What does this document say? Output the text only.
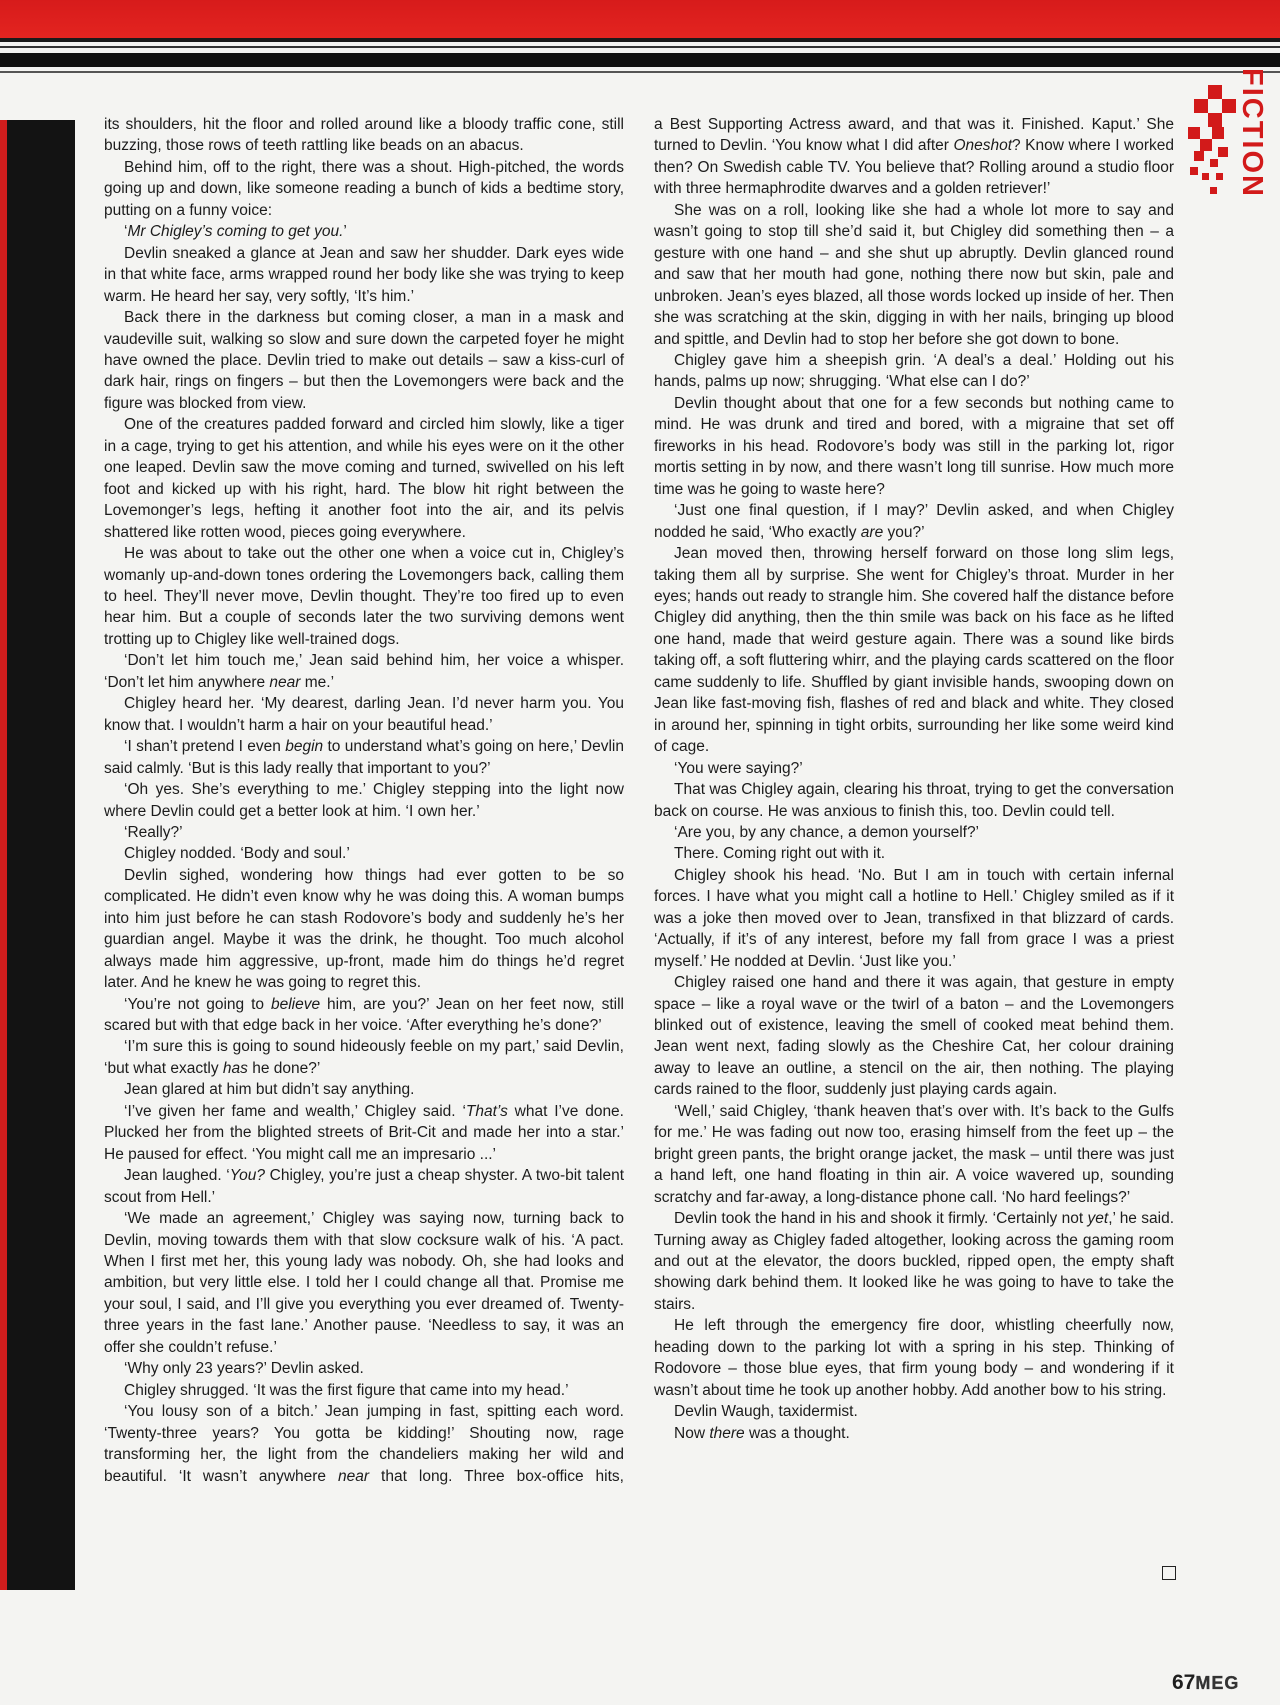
FICTION

its shoulders, hit the floor and rolled around like a bloody traffic cone, still buzzing, those rows of teeth rattling like beads on an abacus.

Behind him, off to the right, there was a shout. High-pitched, the words going up and down, like someone reading a bunch of kids a bedtime story, putting on a funny voice:

‘Mr Chigley’s coming to get you.’

Devlin sneaked a glance at Jean and saw her shudder. Dark eyes wide in that white face, arms wrapped round her body like she was trying to keep warm. He heard her say, very softly, ‘It’s him.’

Back there in the darkness but coming closer, a man in a mask and vaudeville suit, walking so slow and sure down the carpeted foyer he might have owned the place. Devlin tried to make out details – saw a kiss-curl of dark hair, rings on fingers – but then the Lovemongers were back and the figure was blocked from view.

One of the creatures padded forward and circled him slowly, like a tiger in a cage, trying to get his attention, and while his eyes were on it the other one leaped. Devlin saw the move coming and turned, swivelled on his left foot and kicked up with his right, hard. The blow hit right between the Lovemonger’s legs, hefting it another foot into the air, and its pelvis shattered like rotten wood, pieces going everywhere.

He was about to take out the other one when a voice cut in, Chigley’s womanly up-and-down tones ordering the Lovemongers back, calling them to heel. They’ll never move, Devlin thought. They’re too fired up to even hear him. But a couple of seconds later the two surviving demons went trotting up to Chigley like well-trained dogs.

‘Don’t let him touch me,’ Jean said behind him, her voice a whisper. ‘Don’t let him anywhere near me.’

Chigley heard her. ‘My dearest, darling Jean. I’d never harm you. You know that. I wouldn’t harm a hair on your beautiful head.’

‘I shan’t pretend I even begin to understand what’s going on here,’ Devlin said calmly. ‘But is this lady really that important to you?’

‘Oh yes. She’s everything to me.’ Chigley stepping into the light now where Devlin could get a better look at him. ‘I own her.’

‘Really?’

Chigley nodded. ‘Body and soul.’

Devlin sighed, wondering how things had ever gotten to be so complicated. He didn’t even know why he was doing this. A woman bumps into him just before he can stash Rodovore’s body and suddenly he’s her guardian angel. Maybe it was the drink, he thought. Too much alcohol always made him aggressive, up-front, made him do things he’d regret later. And he knew he was going to regret this.

‘You’re not going to believe him, are you?’ Jean on her feet now, still scared but with that edge back in her voice. ‘After everything he’s done?’

‘I’m sure this is going to sound hideously feeble on my part,’ said Devlin, ‘but what exactly has he done?’

Jean glared at him but didn’t say anything.

‘I’ve given her fame and wealth,’ Chigley said. ‘That’s what I’ve done. Plucked her from the blighted streets of Brit-Cit and made her into a star.’ He paused for effect. ‘You might call me an impresario ...’

Jean laughed. ‘You? Chigley, you’re just a cheap shyster. A two-bit talent scout from Hell.’

‘We made an agreement,’ Chigley was saying now, turning back to Devlin, moving towards them with that slow cocksure walk of his. ‘A pact. When I first met her, this young lady was nobody. Oh, she had looks and ambition, but very little else. I told her I could change all that. Promise me your soul, I said, and I’ll give you everything you ever dreamed of. Twenty-three years in the fast lane.’ Another pause. ‘Needless to say, it was an offer she couldn’t refuse.’

‘Why only 23 years?’ Devlin asked.

Chigley shrugged. ‘It was the first figure that came into my head.’

‘You lousy son of a bitch.’ Jean jumping in fast, spitting each word. ‘Twenty-three years? You gotta be kidding!’ Shouting now, rage transforming her, the light from the chandeliers making her wild and beautiful. ‘It wasn’t anywhere near that long. Three box-office hits,

a Best Supporting Actress award, and that was it. Finished. Kaput.’ She turned to Devlin. ‘You know what I did after Oneshot? Know where I worked then? On Swedish cable TV. You believe that? Rolling around a studio floor with three hermaphrodite dwarves and a golden retriever!’

She was on a roll, looking like she had a whole lot more to say and wasn’t going to stop till she’d said it, but Chigley did something then – a gesture with one hand – and she shut up abruptly. Devlin glanced round and saw that her mouth had gone, nothing there now but skin, pale and unbroken. Jean’s eyes blazed, all those words locked up inside of her. Then she was scratching at the skin, digging in with her nails, bringing up blood and spittle, and Devlin had to stop her before she got down to bone.

Chigley gave him a sheepish grin. ‘A deal’s a deal.’ Holding out his hands, palms up now; shrugging. ‘What else can I do?’

Devlin thought about that one for a few seconds but nothing came to mind. He was drunk and tired and bored, with a migraine that set off fireworks in his head. Rodovore’s body was still in the parking lot, rigor mortis setting in by now, and there wasn’t long till sunrise. How much more time was he going to waste here?

‘Just one final question, if I may?’ Devlin asked, and when Chigley nodded he said, ‘Who exactly are you?’

Jean moved then, throwing herself forward on those long slim legs, taking them all by surprise. She went for Chigley’s throat. Murder in her eyes; hands out ready to strangle him. She covered half the distance before Chigley did anything, then the thin smile was back on his face as he lifted one hand, made that weird gesture again. There was a sound like birds taking off, a soft fluttering whirr, and the playing cards scattered on the floor came suddenly to life. Shuffled by giant invisible hands, swooping down on Jean like fast-moving fish, flashes of red and black and white. They closed in around her, spinning in tight orbits, surrounding her like some weird kind of cage.

‘You were saying?’

That was Chigley again, clearing his throat, trying to get the conversation back on course. He was anxious to finish this, too. Devlin could tell.

‘Are you, by any chance, a demon yourself?’

There. Coming right out with it.

Chigley shook his head. ‘No. But I am in touch with certain infernal forces. I have what you might call a hotline to Hell.’ Chigley smiled as if it was a joke then moved over to Jean, transfixed in that blizzard of cards. ‘Actually, if it’s of any interest, before my fall from grace I was a priest myself.’ He nodded at Devlin. ‘Just like you.’

Chigley raised one hand and there it was again, that gesture in empty space – like a royal wave or the twirl of a baton – and the Lovemongers blinked out of existence, leaving the smell of cooked meat behind them. Jean went next, fading slowly as the Cheshire Cat, her colour draining away to leave an outline, a stencil on the air, then nothing. The playing cards rained to the floor, suddenly just playing cards again.

‘Well,’ said Chigley, ‘thank heaven that’s over with. It’s back to the Gulfs for me.’ He was fading out now too, erasing himself from the feet up – the bright green pants, the bright orange jacket, the mask – until there was just a hand left, one hand floating in thin air. A voice wavered up, sounding scratchy and far-away, a long-distance phone call. ‘No hard feelings?’

Devlin took the hand in his and shook it firmly. ‘Certainly not yet,’ he said. Turning away as Chigley faded altogether, looking across the gaming room and out at the elevator, the doors buckled, ripped open, the empty shaft showing dark behind them. It looked like he was going to have to take the stairs.

He left through the emergency fire door, whistling cheerfully now, heading down to the parking lot with a spring in his step. Thinking of Rodovore – those blue eyes, that firm young body – and wondering if it wasn’t about time he took up another hobby. Add another bow to his string.

Devlin Waugh, taxidermist.

Now there was a thought.

67MEG
